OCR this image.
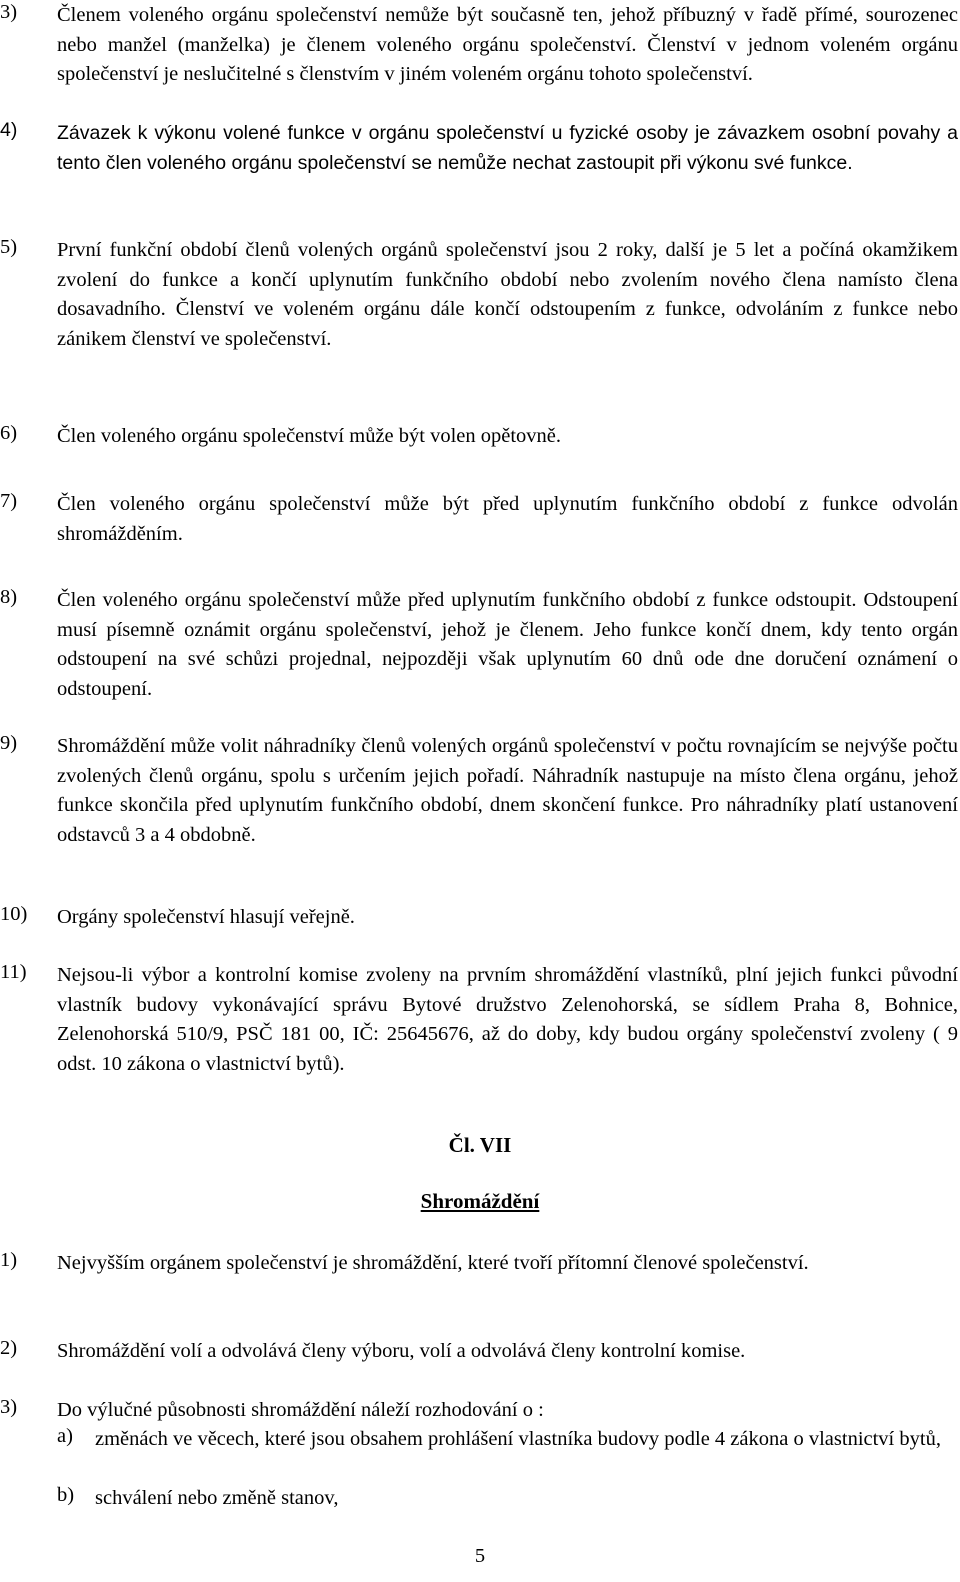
3) Členem voleného orgánu společenství nemůže být současně ten, jehož příbuzný v řadě přímé, sourozenec nebo manžel (manželka) je členem voleného orgánu společenství. Členství v jednom voleném orgánu společenství je neslučitelné s členstvím v jiném voleném orgánu tohoto společenství.
4) Závazek k výkonu volené funkce v orgánu společenství u fyzické osoby je závazkem osobní povahy a tento člen voleného orgánu společenství se nemůže nechat zastoupit při výkonu své funkce.
5) První funkční období členů volených orgánů společenství jsou 2 roky, další je 5 let a počíná okamžikem zvolení do funkce a končí uplynutím funkčního období nebo zvolením nového člena namísto člena dosavadního. Členství ve voleném orgánu dále končí odstoupením z funkce, odvoláním z funkce nebo zánikem členství ve společenství.
6) Člen voleného orgánu společenství může být volen opětovně.
7) Člen voleného orgánu společenství může být před uplynutím funkčního období z funkce odvolán shromážděním.
8) Člen voleného orgánu společenství může před uplynutím funkčního období z funkce odstoupit. Odstoupení musí písemně oznámit orgánu společenství, jehož je členem. Jeho funkce končí dnem, kdy tento orgán odstoupení na své schůzi projednal, nejpozději však uplynutím 60 dnů ode dne doručení oznámení o odstoupení.
9) Shromáždění může volit náhradníky členů volených orgánů společenství v počtu rovnajícím se nejvýše počtu zvolených členů orgánu, spolu s určením jejich pořadí. Náhradník nastupuje na místo člena orgánu, jehož funkce skončila před uplynutím funkčního období, dnem skončení funkce. Pro náhradníky platí ustanovení odstavců 3 a 4 obdobně.
10) Orgány společenství hlasují veřejně.
11) Nejsou-li výbor a kontrolní komise zvoleny na prvním shromáždění vlastníků, plní jejich funkci původní vlastník budovy vykonávající správu Bytové družstvo Zelenohorská, se sídlem Praha 8, Bohnice, Zelenohorská 510/9, PSČ 181 00, IČ: 25645676, až do doby, kdy budou orgány společenství zvoleny ( 9 odst. 10 zákona o vlastnictví bytů).
Čl. VII
Shromáždění
1) Nejvyšším orgánem společenství je shromáždění, které tvoří přítomní členové společenství.
2) Shromáždění volí a odvolává členy výboru, volí a odvolává členy kontrolní komise.
3) Do výlučné působnosti shromáždění náleží rozhodování o :
a) změnách ve věcech, které jsou obsahem prohlášení vlastníka budovy podle 4 zákona o vlastnictví bytů,
b) schválení nebo změně stanov,
5
